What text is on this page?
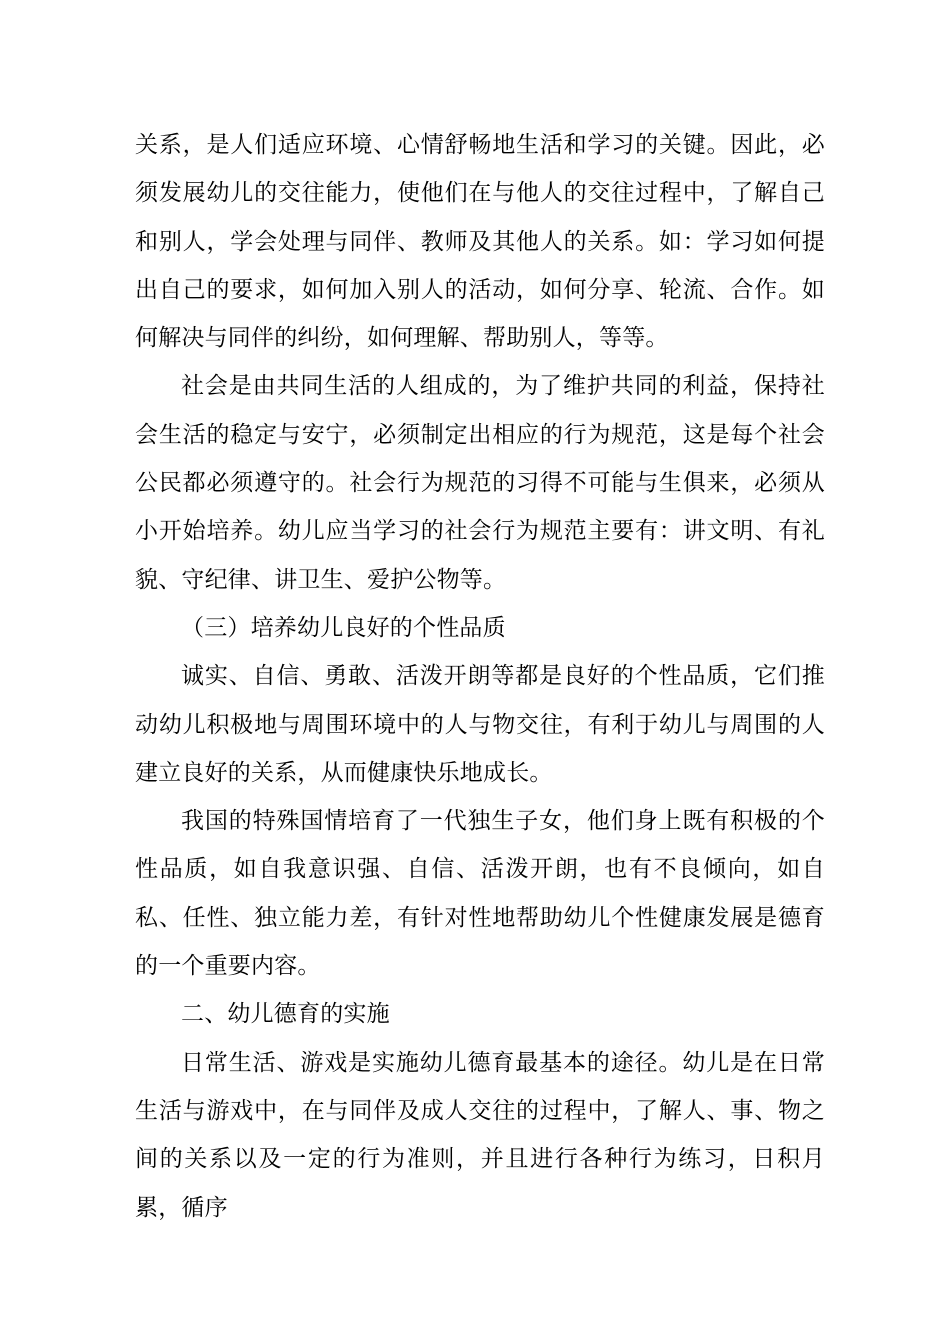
关系，是人们适应环境、心情舒畅地生活和学习的关键。因此，必须发展幼儿的交往能力，使他们在与他人的交往过程中，了解自己和别人，学会处理与同伴、教师及其他人的关系。如：学习如何提出自己的要求，如何加入别人的活动，如何分享、轮流、合作。如何解决与同伴的纠纷，如何理解、帮助别人，等等。

社会是由共同生活的人组成的，为了维护共同的利益，保持社会生活的稳定与安宁，必须制定出相应的行为规范，这是每个社会公民都必须遵守的。社会行为规范的习得不可能与生俱来，必须从小开始培养。幼儿应当学习的社会行为规范主要有：讲文明、有礼貌、守纪律、讲卫生、爱护公物等。

（三）培养幼儿良好的个性品质

诚实、自信、勇敢、活泼开朗等都是良好的个性品质，它们推动幼儿积极地与周围环境中的人与物交往，有利于幼儿与周围的人建立良好的关系，从而健康快乐地成长。

我国的特殊国情培育了一代独生子女，他们身上既有积极的个性品质，如自我意识强、自信、活泼开朗，也有不良倾向，如自私、任性、独立能力差，有针对性地帮助幼儿个性健康发展是德育的一个重要内容。

二、幼儿德育的实施

日常生活、游戏是实施幼儿德育最基本的途径。幼儿是在日常生活与游戏中，在与同伴及成人交往的过程中，了解人、事、物之间的关系以及一定的行为准则，并且进行各种行为练习，日积月累，循序
